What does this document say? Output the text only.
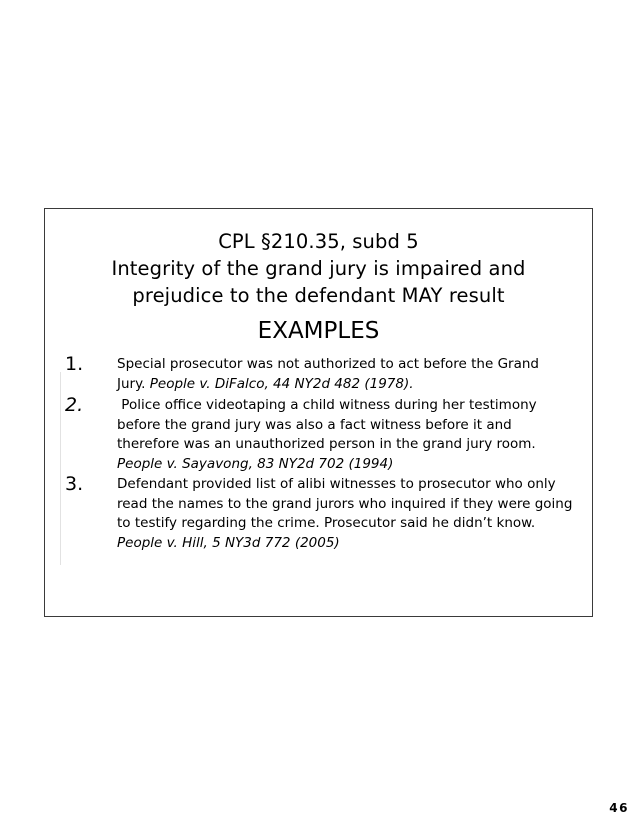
CPL §210.35, subd 5
Integrity of the grand jury is impaired and
prejudice to the defendant MAY result
EXAMPLES
1.	Special prosecutor was not authorized to act before the Grand
Jury. People v. DiFalco, 44 NY2d 482 (1978).
2.	Police office videotaping a child witness during her testimony
before the grand jury was also a fact witness before it and
therefore was an unauthorized person in the grand jury room.
People v. Sayavong, 83 NY2d 702 (1994)
3.	Defendant provided list of alibi witnesses to prosecutor who only
read the names to the grand jurors who inquired if they were going
to testify regarding the crime. Prosecutor said he didn’t know.
People v. Hill, 5 NY3d 772 (2005)
46
